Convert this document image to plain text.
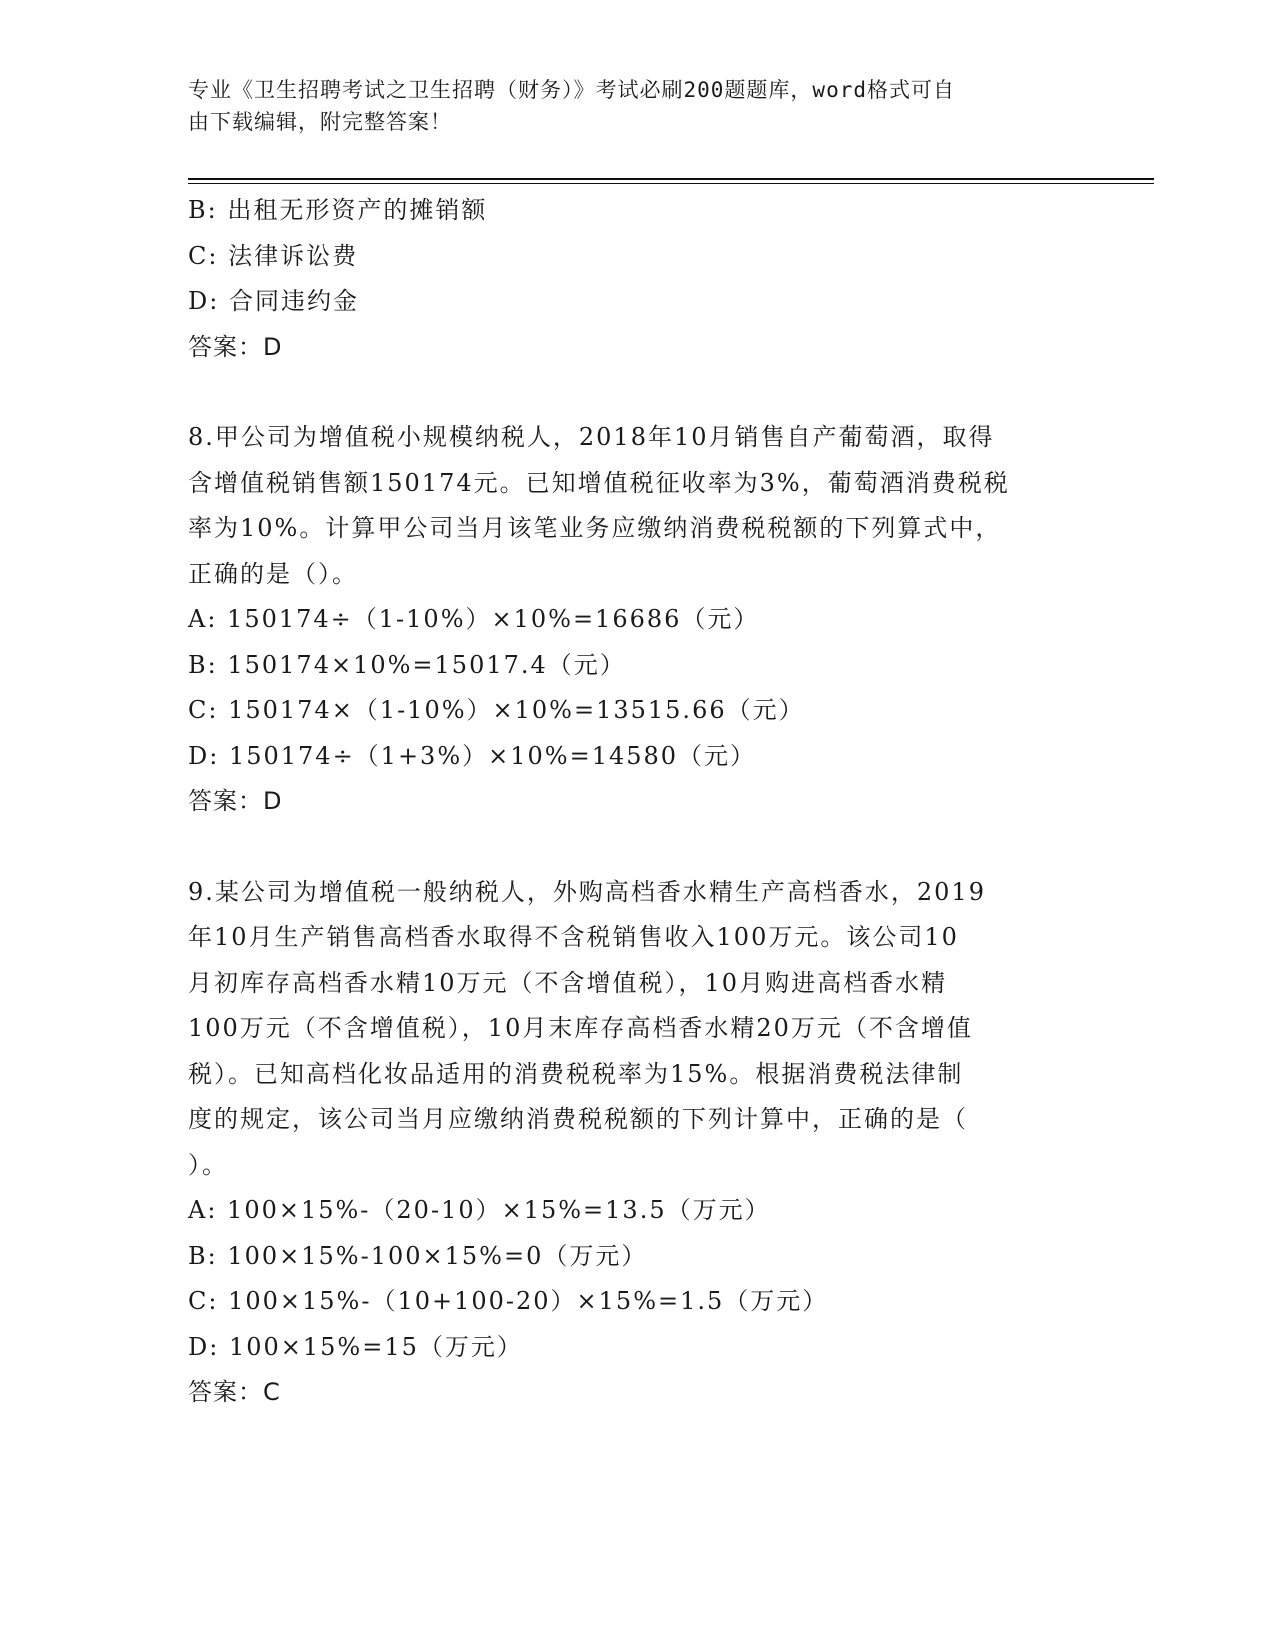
专业《卫生招聘考试之卫生招聘（财务）》考试必刷200题题库，word格式可自
由下载编辑，附完整答案！
B: 出租无形资产的摊销额
C: 法律诉讼费
D: 合同违约金
答案：D
8.甲公司为增值税小规模纳税人，2018年10月销售自产葡萄酒，取得
含增值税销售额150174元。已知增值税征收率为3%，葡萄酒消费税税
率为10%。计算甲公司当月该笔业务应缴纳消费税税额的下列算式中，
正确的是（）。
A: 150174÷（1-10%）×10%=16686（元）
B: 150174×10%=15017.4（元）
C: 150174×（1-10%）×10%=13515.66（元）
D: 150174÷（1+3%）×10%=14580（元）
答案：D
9.某公司为增值税一般纳税人，外购高档香水精生产高档香水，2019
年10月生产销售高档香水取得不含税销售收入100万元。该公司10
月初库存高档香水精10万元（不含增值税），10月购进高档香水精
100万元（不含增值税），10月末库存高档香水精20万元（不含增值
税）。已知高档化妆品适用的消费税税率为15%。根据消费税法律制
度的规定，该公司当月应缴纳消费税税额的下列计算中，正确的是（
）。
A: 100×15%-（20-10）×15%=13.5（万元）
B: 100×15%-100×15%=0（万元）
C: 100×15%-（10+100-20）×15%=1.5（万元）
D: 100×15%=15（万元）
答案：C
